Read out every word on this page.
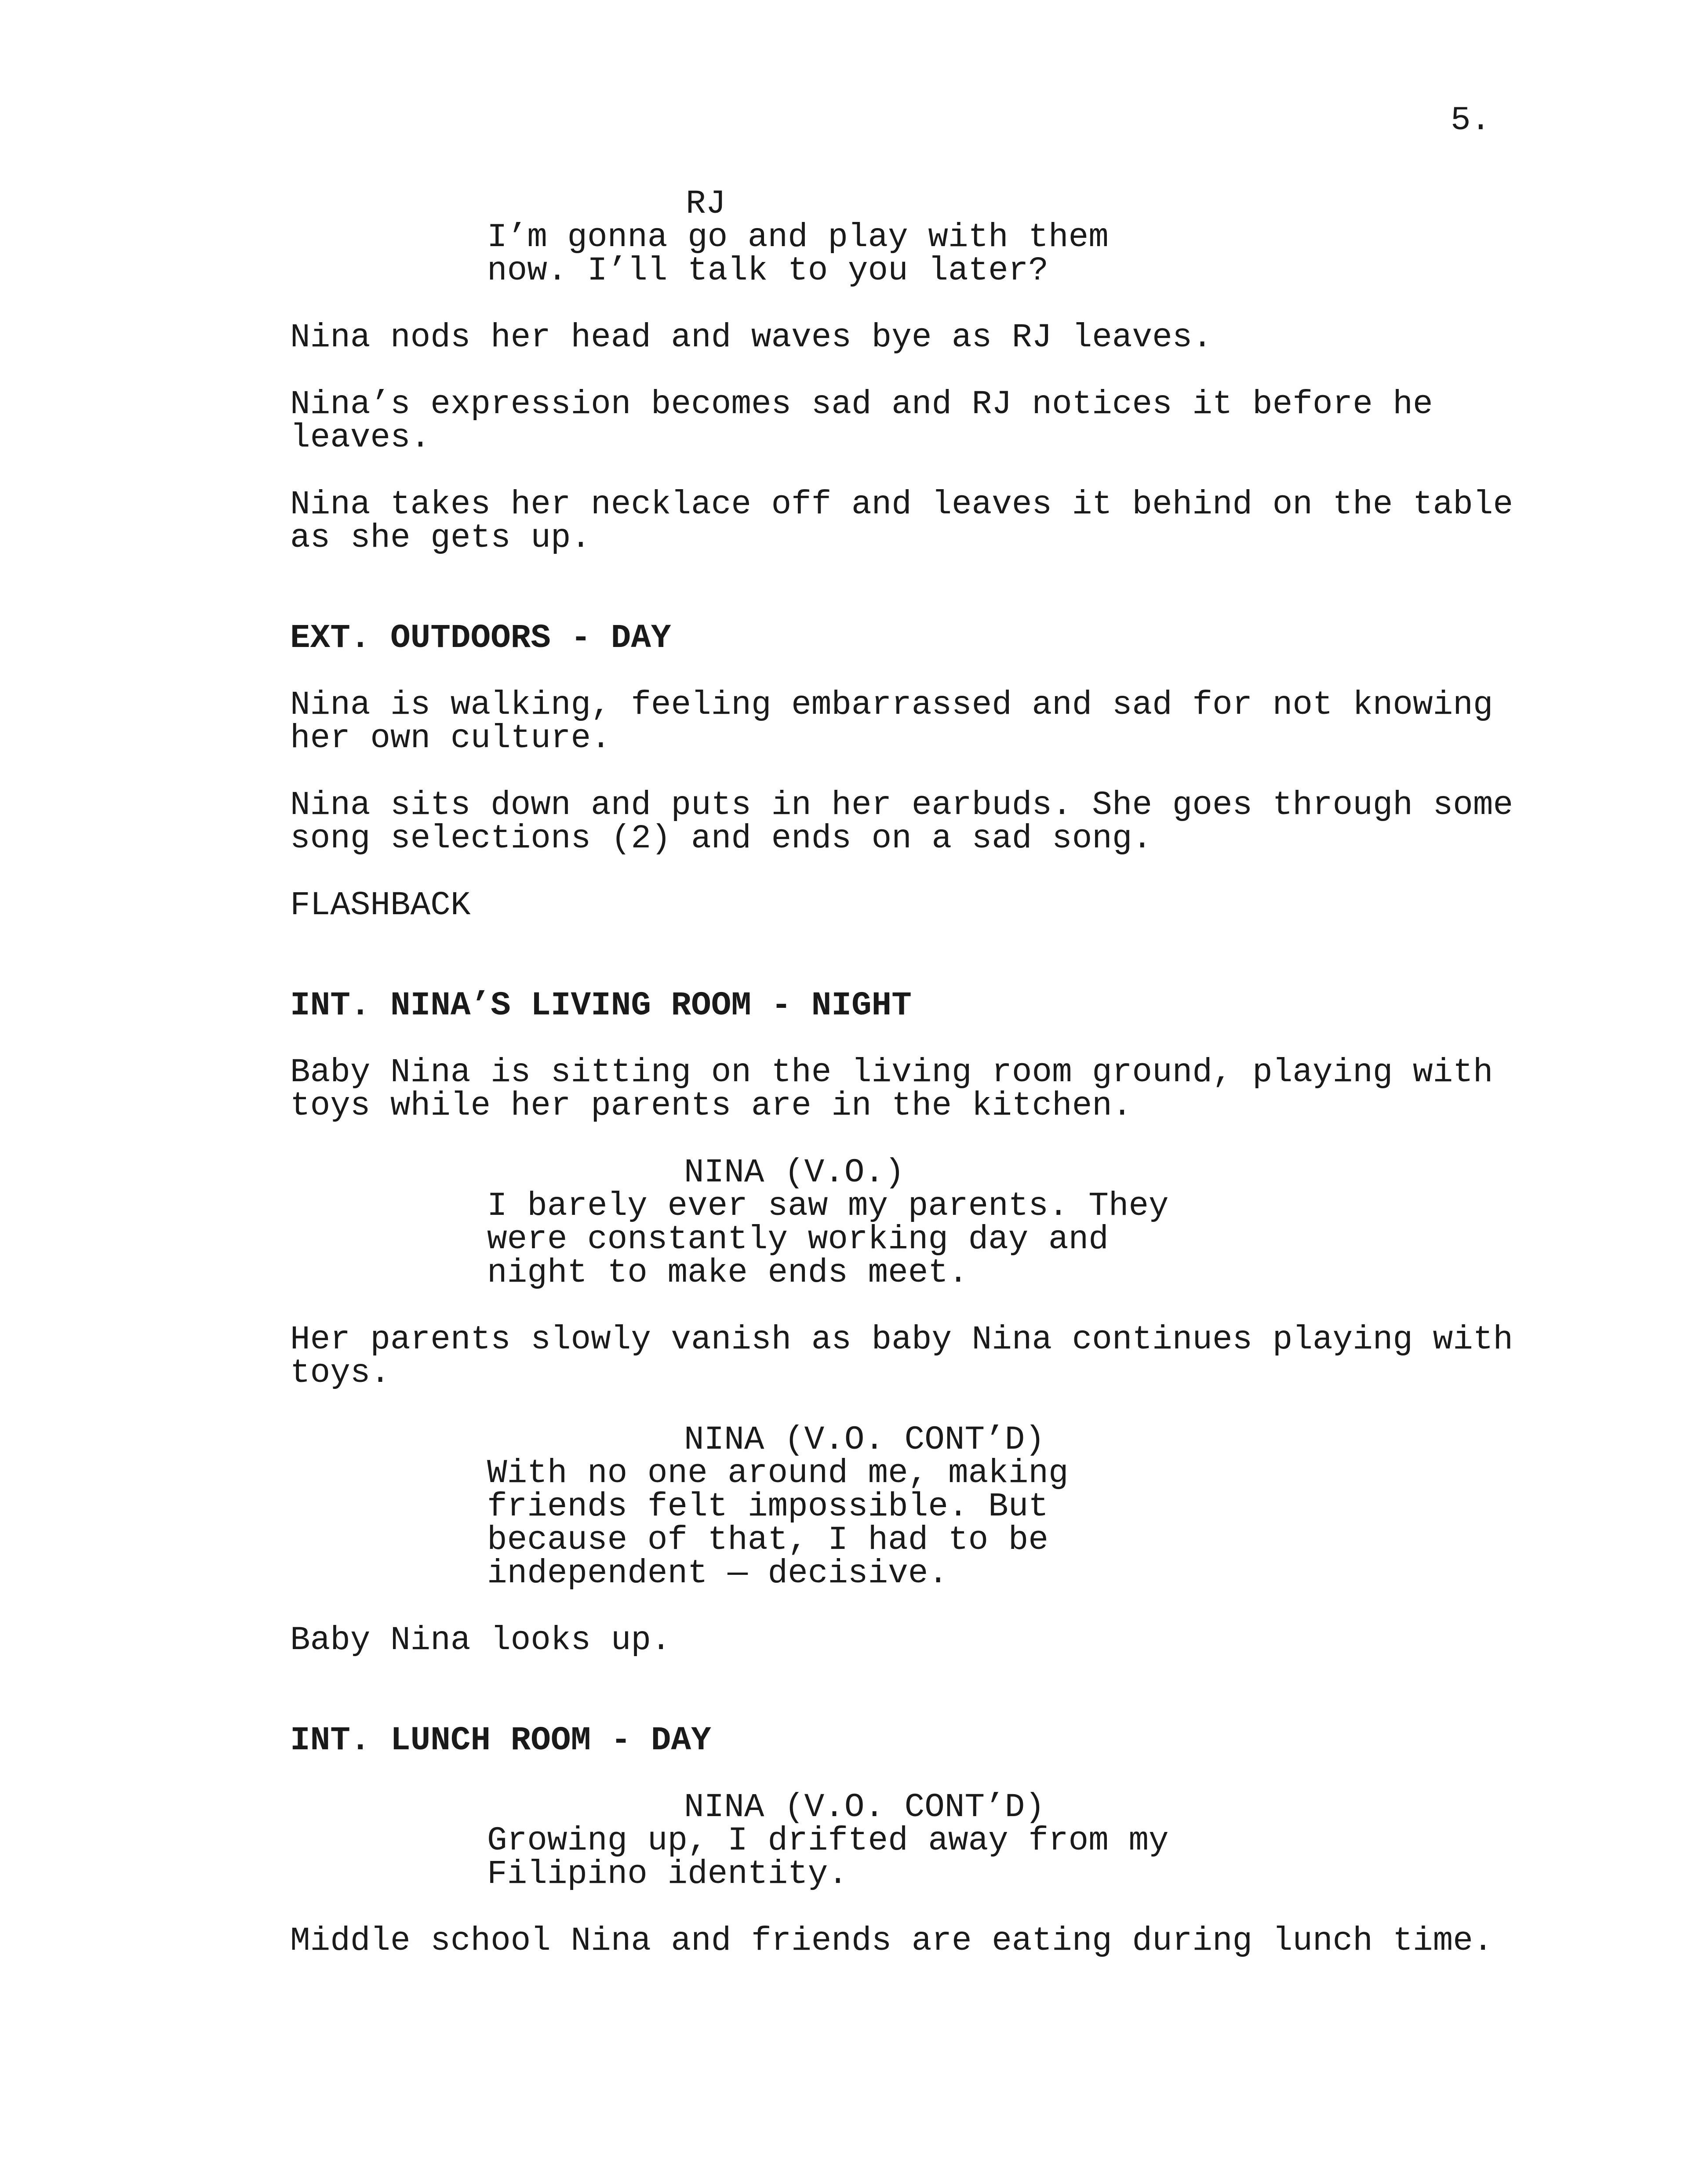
5.
RJ
I’m gonna go and play with them
now. I’ll talk to you later?
Nina nods her head and waves bye as RJ leaves.
Nina’s expression becomes sad and RJ notices it before he
leaves.
Nina takes her necklace off and leaves it behind on the table
as she gets up.
EXT. OUTDOORS - DAY
Nina is walking, feeling embarrassed and sad for not knowing
her own culture.
Nina sits down and puts in her earbuds. She goes through some
song selections (2) and ends on a sad song.
FLASHBACK
INT. NINA’S LIVING ROOM - NIGHT
Baby Nina is sitting on the living room ground, playing with
toys while her parents are in the kitchen.
NINA (V.O.)
I barely ever saw my parents. They
were constantly working day and
night to make ends meet.
Her parents slowly vanish as baby Nina continues playing with
toys.
NINA (V.O. CONT’D)
With no one around me, making
friends felt impossible. But
because of that, I had to be
independent — decisive.
Baby Nina looks up.
INT. LUNCH ROOM - DAY
NINA (V.O. CONT’D)
Growing up, I drifted away from my
Filipino identity.
Middle school Nina and friends are eating during lunch time.
